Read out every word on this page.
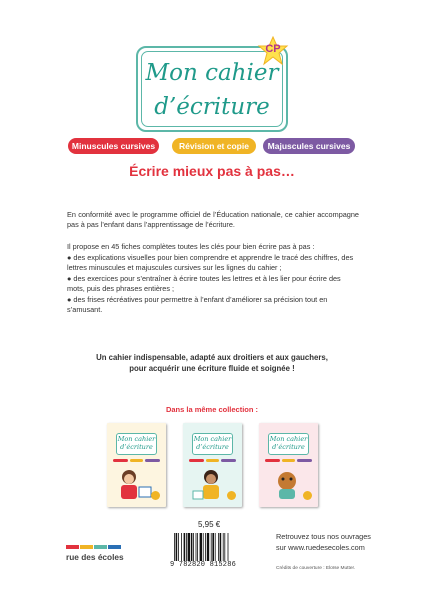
Mon cahier
d’écriture
CP
Minuscules cursives	Révision et copie	Majuscules cursives
Écrire mieux pas à pas…
En conformité avec le programme officiel de l’Éducation nationale, ce cahier accompagne pas à pas l’enfant dans l’apprentissage de l’écriture.
Il propose en 45 fiches complètes toutes les clés pour bien écrire pas à pas :
● des explications visuelles pour bien comprendre et apprendre le tracé des chiffres, des lettres minuscules et majuscules cursives sur les lignes du cahier ;
● des exercices pour s’entraîner à écrire toutes les lettres et à les lier pour écrire des mots, puis des phrases entières ;
● des frises récréatives pour permettre à l’enfant d’améliorer sa précision tout en s’amusant.
Un cahier indispensable, adapté aux droitiers et aux gauchers,
pour acquérir une écriture fluide et soignée !
Dans la même collection :
Mon cahier d’écriture
Mon cahier d’écriture
Mon cahier d’écriture
5,95 €
9 782820 815286
rue des écoles
Retrouvez tous nos ouvrages
sur www.ruedesecoles.com
Crédits de couverture : Eloïse Mutter.
